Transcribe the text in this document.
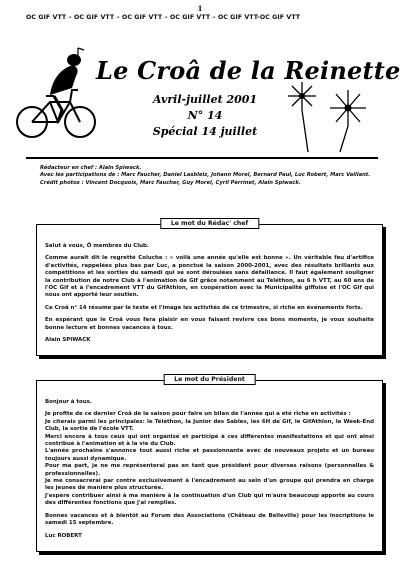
1
OC GIF VTT – OC GIF VTT – OC GIF VTT – OC GIF VTT – OC GIF VTT-OC GIF VTT
Le Croâ de la Reinette
Avril-juillet 2001
N° 14
Spécial 14 juillet
Rédacteur en chef : Alain Spiwack.
Avec les participations de : Marc Faucher, Daniel Lasbleiz, Johann Morel, Bernard Paul, Luc Robert, Marc Vaillant.
Crédit photos : Vincent Docquois, Marc Faucher, Guy Morel, Cyril Perrinet, Alain Spiwack.
Le mot du Rédac' chef

Salut à vous, Ô membres du Club.

Comme aurait dit le regretté Coluche : « voilà une année qu'elle est bonne ». Un véritable feu d'artifice d'activités, rappelées plus bas par Luc, a ponctué la saison 2000-2001, avec des résultats brillants aux compétitions et les sorties du samedi qui se sont déroulées sans défaillance. Il faut également souligner la contribution de notre Club à l'animation de Gif grâce notamment au Téléthon, au 6 h VTT, au 60 ans de l'OC Gif et à l'encadrement VTT du GifAthlon, en coopération avec la Municipalité giffoise et l'OC Gif qui nous ont apporté leur soutien.

Ce Croâ n° 14 résume par le texte et l'image les activités de ce trimestre, si riche en événements forts.

En espérant que le Croâ vous fera plaisir en vous faisant revivre ces bons moments, je vous souhaite bonne lecture et bonnes vacances à tous.

Alain SPIWACK

Le mot du Président

Bonjour à tous.

Je profite de ce dernier Croâ de la saison pour faire un bilan de l'année qui a été riche en activités :

Je citerais parmi les principales: le Téléthon, la Junior des Sables, les 6H de Gif, le GifAthlon, le Week-End Club, la sortie de l'école VTT.

Merci encore à tous ceux qui ont organisé et participé à ces différentes manifestations et qui ont ainsi contribué à l'animation et à la vie du Club.

L'année prochaine s'annonce tout aussi riche et passionnante avec de nouveaux projets et un bureau toujours aussi dynamique.

Pour ma part, je ne me représenterai pas en tant que président pour diverses raisons (personnelles & professionnelles).

Je me consacrerai par contre exclusivement à l'encadrement au sein d'un groupe qui prendra en charge les jeunes de manière plus structurée.

J'espère contribuer ainsi à ma manière à la continuation d'un Club qui m'aura beaucoup apporté au cours des différentes fonctions que j'ai remplies.

Bonnes vacances et à bientôt au Forum des Associations (Château de Belleville) pour les inscriptions le samedi 15 septembre.

Luc ROBERT
